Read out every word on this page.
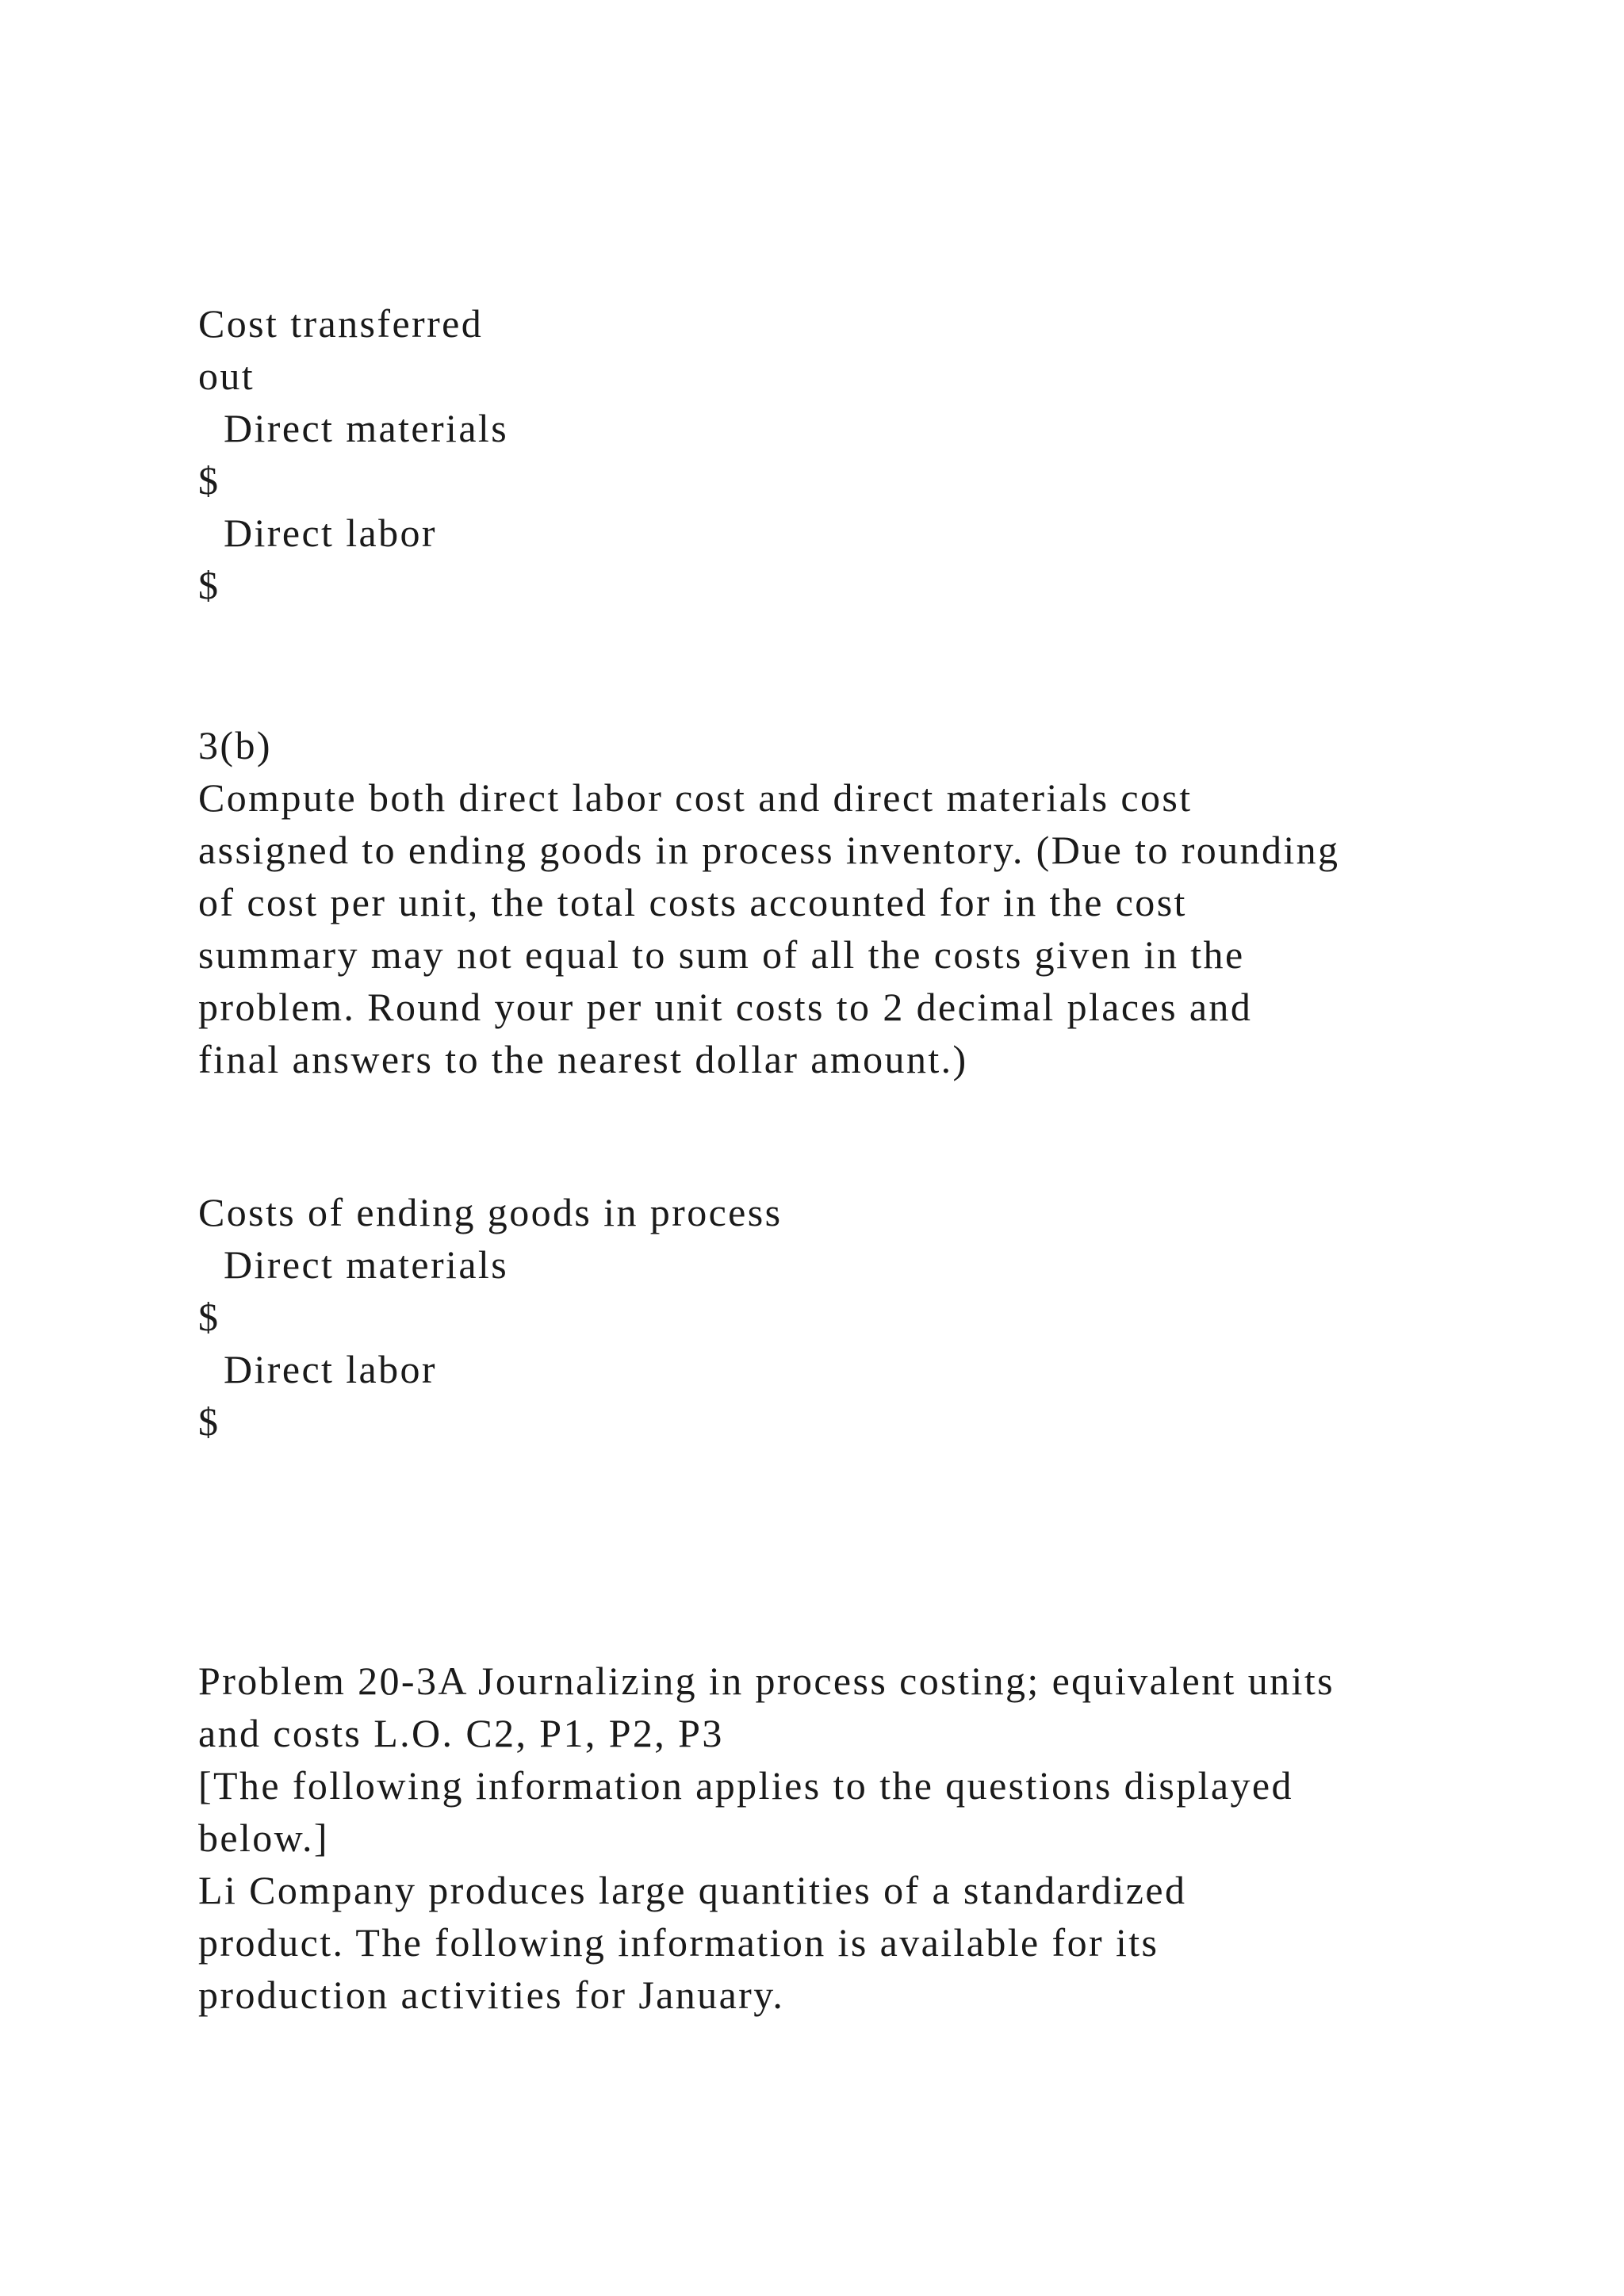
Cost transferred
out
Direct materials
$
Direct labor
$
3(b)
Compute both direct labor cost and direct materials cost
assigned to ending goods in process inventory. (Due to rounding
of cost per unit, the total costs accounted for in the cost
summary may not equal to sum of all the costs given in the
problem. Round your per unit costs to 2 decimal places and
final answers to the nearest dollar amount.)
Costs of ending goods in process
Direct materials
$
Direct labor
$
Problem 20-3A Journalizing in process costing; equivalent units
and costs L.O. C2, P1, P2, P3
[The following information applies to the questions displayed
below.]
Li Company produces large quantities of a standardized
product. The following information is available for its
production activities for January.
